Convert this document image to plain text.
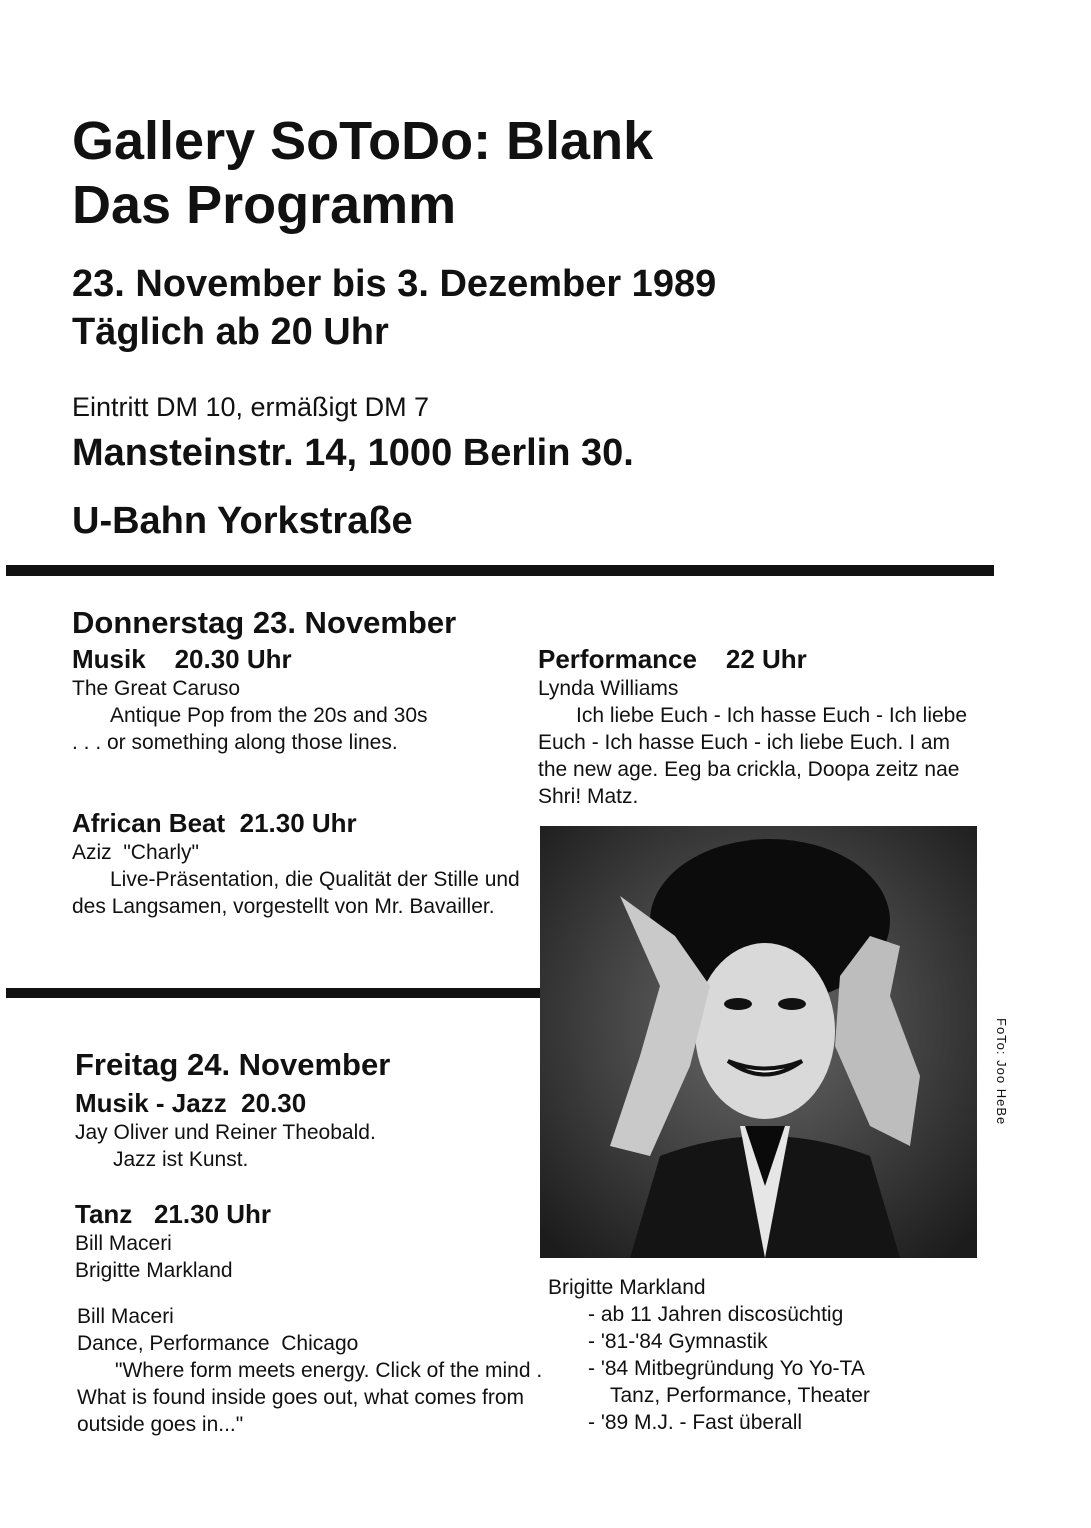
Gallery SoToDo: Blank
Das Programm
23. November bis 3. Dezember 1989
Täglich ab 20 Uhr
Eintritt DM 10, ermäßigt DM 7
Mansteinstr. 14, 1000 Berlin 30.
U-Bahn Yorkstraße
Donnerstag 23. November
Musik    20.30 Uhr
The Great Caruso
Antique Pop from the 20s and 30s . . . or something along those lines.
African Beat  21.30 Uhr
Aziz  "Charly"
Live-Präsentation, die Qualität der Stille und des Langsamen, vorgestellt von Mr. Bavailler.
Performance    22 Uhr
Lynda Williams
Ich liebe Euch - Ich hasse Euch - Ich liebe Euch - Ich hasse Euch - ich liebe Euch. I am the new age. Eeg ba crickla, Doopa zeitz nae Shri! Matz.
FoTo: Joo HeBe
Freitag 24. November
Musik - Jazz  20.30
Jay Oliver und Reiner Theobald.
Jazz ist Kunst.
Tanz   21.30 Uhr
Bill Maceri
Brigitte Markland
Bill Maceri
Dance, Performance  Chicago
"Where form meets energy. Click of the mind . What is found inside goes out, what comes from outside goes in..."
Brigitte Markland
- ab 11 Jahren discosüchtig
- '81-'84 Gymnastik
- '84 Mitbegründung Yo Yo-TA
Tanz, Performance, Theater
- '89 M.J. - Fast überall
